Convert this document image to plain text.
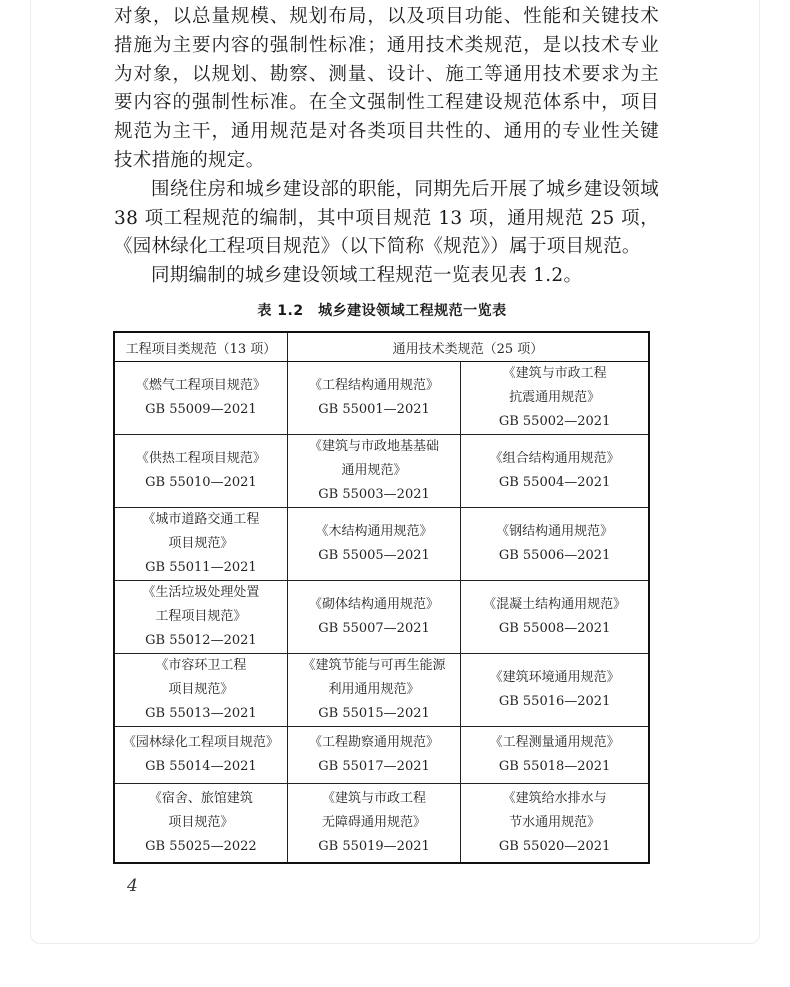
对象，以总量规模、规划布局，以及项目功能、性能和关键技术措施为主要内容的强制性标准；通用技术类规范，是以技术专业为对象，以规划、勘察、测量、设计、施工等通用技术要求为主要内容的强制性标准。在全文强制性工程建设规范体系中，项目规范为主干，通用规范是对各类项目共性的、通用的专业性关键技术措施的规定。

围绕住房和城乡建设部的职能，同期先后开展了城乡建设领域 38 项工程规范的编制，其中项目规范 13 项，通用规范 25 项，《园林绿化工程项目规范》（以下简称《规范》）属于项目规范。

同期编制的城乡建设领域工程规范一览表见表 1.2。

表 1.2　城乡建设领域工程规范一览表
工程项目类规范（13 项）	通用技术类规范（25 项）	

《燃气工程项目规范》
GB 55009—2021	《工程结构通用规范》
GB 55001—2021	《建筑与市政工程
抗震通用规范》
GB 55002—2021

《供热工程项目规范》
GB 55010—2021	《建筑与市政地基基础
通用规范》
GB 55003—2021	《组合结构通用规范》
GB 55004—2021

《城市道路交通工程
项目规范》
GB 55011—2021	《木结构通用规范》
GB 55005—2021	《钢结构通用规范》
GB 55006—2021

《生活垃圾处理处置
工程项目规范》
GB 55012—2021	《砌体结构通用规范》
GB 55007—2021	《混凝土结构通用规范》
GB 55008—2021

《市容环卫工程
项目规范》
GB 55013—2021	《建筑节能与可再生能源
利用通用规范》
GB 55015—2021	《建筑环境通用规范》
GB 55016—2021

《园林绿化工程项目规范》
GB 55014—2021	《工程勘察通用规范》
GB 55017—2021	《工程测量通用规范》
GB 55018—2021

《宿舍、旅馆建筑
项目规范》
GB 55025—2022	《建筑与市政工程
无障碍通用规范》
GB 55019—2021	《建筑给水排水与
节水通用规范》
GB 55020—2021
4
